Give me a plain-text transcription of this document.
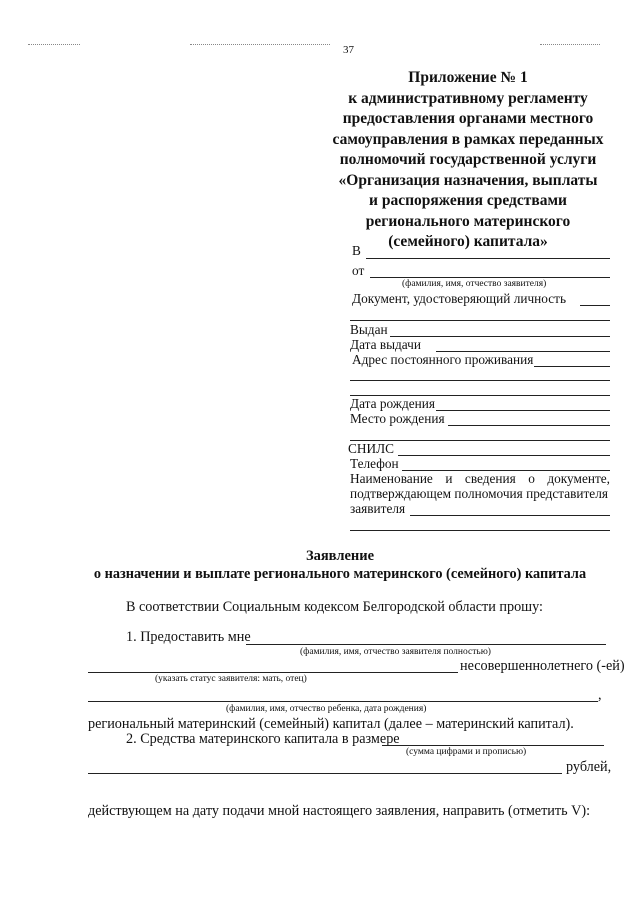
37
Приложение № 1
к административному регламенту
предоставления органами местного
самоуправления в рамках переданных
полномочий государственной услуги
«Организация назначения, выплаты
и распоряжения средствами
регионального материнского
(семейного) капитала»
В
от
(фамилия, имя, отчество заявителя)
Документ, удостоверяющий личность
Выдан
Дата выдачи
Адрес постоянного проживания
Дата рождения
Место рождения
СНИЛС
Телефон
Наименование и сведения о документе,
подтверждающем полномочия представителя
заявителя
Заявление
о назначении и выплате регионального материнского (семейного) капитала
В соответствии Социальным кодексом Белгородской области прошу:
1. Предоставить мне
(фамилия, имя, отчество заявителя полностью)
несовершеннолетнего (-ей)
(указать статус заявителя: мать, отец)
,
(фамилия, имя, отчество ребенка, дата рождения)
региональный материнский (семейный) капитал (далее – материнский капитал).
2. Средства материнского капитала в размере
(сумма цифрами и прописью)
рублей,
действующем на дату подачи мной настоящего заявления, направить (отметить V):
